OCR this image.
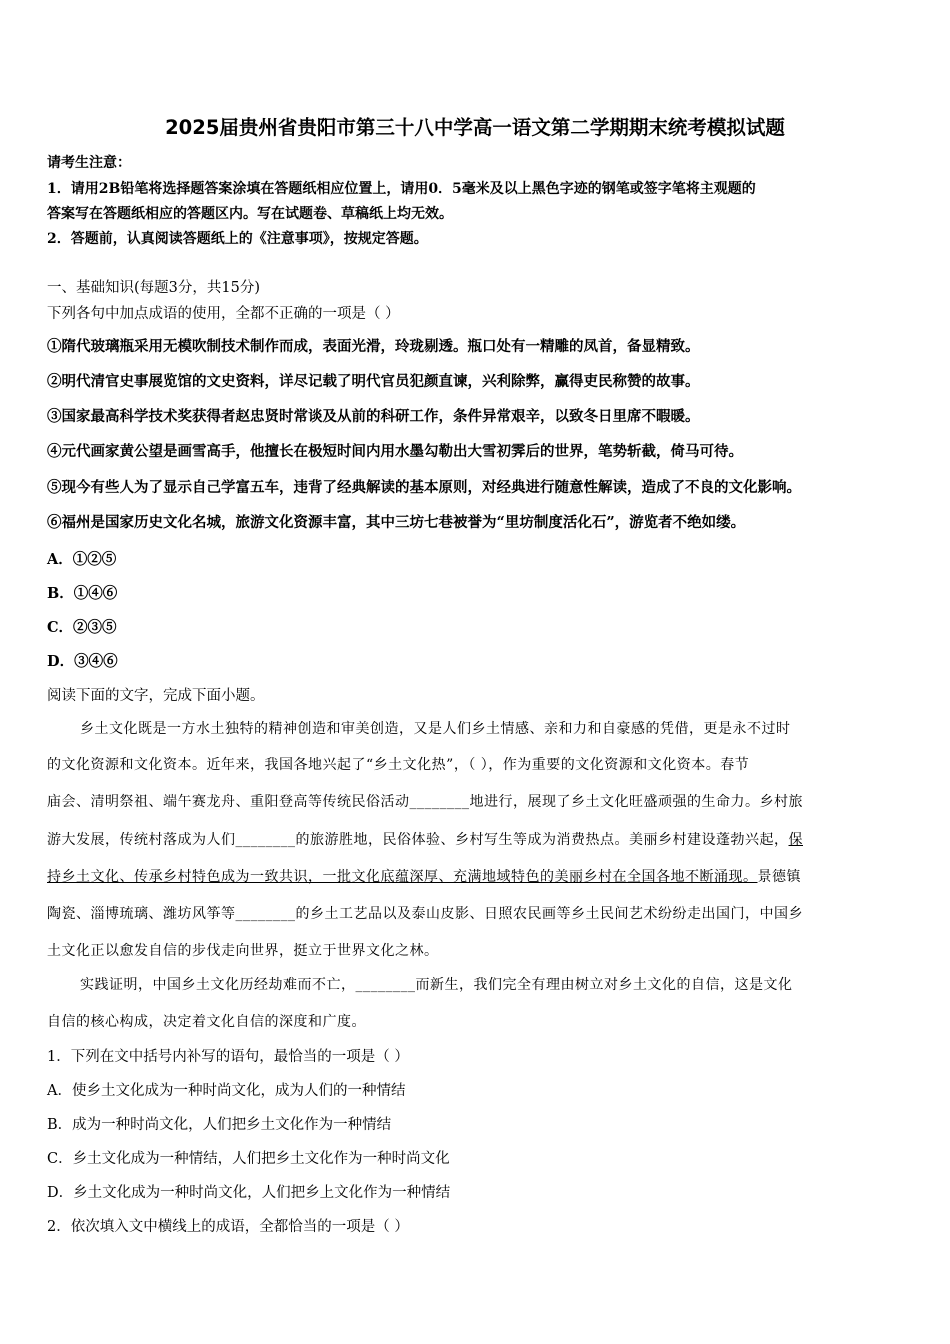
2025届贵州省贵阳市第三十八中学高一语文第二学期期末统考模拟试题
请考生注意：
1．请用2B铅笔将选择题答案涂填在答题纸相应位置上，请用0．5毫米及以上黑色字迹的钢笔或签字笔将主观题的
答案写在答题纸相应的答题区内。写在试题卷、草稿纸上均无效。
2．答题前，认真阅读答题纸上的《注意事项》，按规定答题。
一、基础知识(每题3分，共15分)
下列各句中加点成语的使用，全都不正确的一项是（ ）
①隋代玻璃瓶采用无模吹制技术制作而成，表面光滑，玲珑剔透。瓶口处有一精雕的凤首，备显精致。
②明代清官史事展览馆的文史资料，详尽记载了明代官员犯颜直谏，兴利除弊，赢得吏民称赞的故事。
③国家最高科学技术奖获得者赵忠贤时常谈及从前的科研工作，条件异常艰辛，以致冬日里席不暇暖。
④元代画家黄公望是画雪高手，他擅长在极短时间内用水墨勾勒出大雪初霁后的世界，笔势斩截，倚马可待。
⑤现今有些人为了显示自己学富五车，违背了经典解读的基本原则，对经典进行随意性解读，造成了不良的文化影响。
⑥福州是国家历史文化名城，旅游文化资源丰富，其中三坊七巷被誉为“里坊制度活化石”，游览者不绝如缕。
A．①②⑤
B．①④⑥
C．②③⑤
D．③④⑥
阅读下面的文字，完成下面小题。
乡土文化既是一方水土独特的精神创造和审美创造，又是人们乡土情感、亲和力和自豪感的凭借，更是永不过时
的文化资源和文化资本。近年来，我国各地兴起了“乡土文化热”，（ ），作为重要的文化资源和文化资本。春节
庙会、清明祭祖、端午赛龙舟、重阳登高等传统民俗活动________地进行，展现了乡土文化旺盛顽强的生命力。乡村旅
游大发展，传统村落成为人们________的旅游胜地，民俗体验、乡村写生等成为消费热点。美丽乡村建设蓬勃兴起，保
持乡土文化、传承乡村特色成为一致共识，一批文化底蕴深厚、充满地域特色的美丽乡村在全国各地不断涌现。景德镇
陶瓷、淄博琉璃、潍坊风筝等________的乡土工艺品以及泰山皮影、日照农民画等乡土民间艺术纷纷走出国门，中国乡
土文化正以愈发自信的步伐走向世界，挺立于世界文化之林。
实践证明，中国乡土文化历经劫难而不亡，________而新生，我们完全有理由树立对乡土文化的自信，这是文化
自信的核心构成，决定着文化自信的深度和广度。
1．下列在文中括号内补写的语句，最恰当的一项是（ ）
A．使乡土文化成为一种时尚文化，成为人们的一种情结
B．成为一种时尚文化，人们把乡土文化作为一种情结
C．乡土文化成为一种情结，人们把乡土文化作为一种时尚文化
D．乡土文化成为一种时尚文化，人们把乡上文化作为一种情结
2．依次填入文中横线上的成语，全都恰当的一项是（ ）
